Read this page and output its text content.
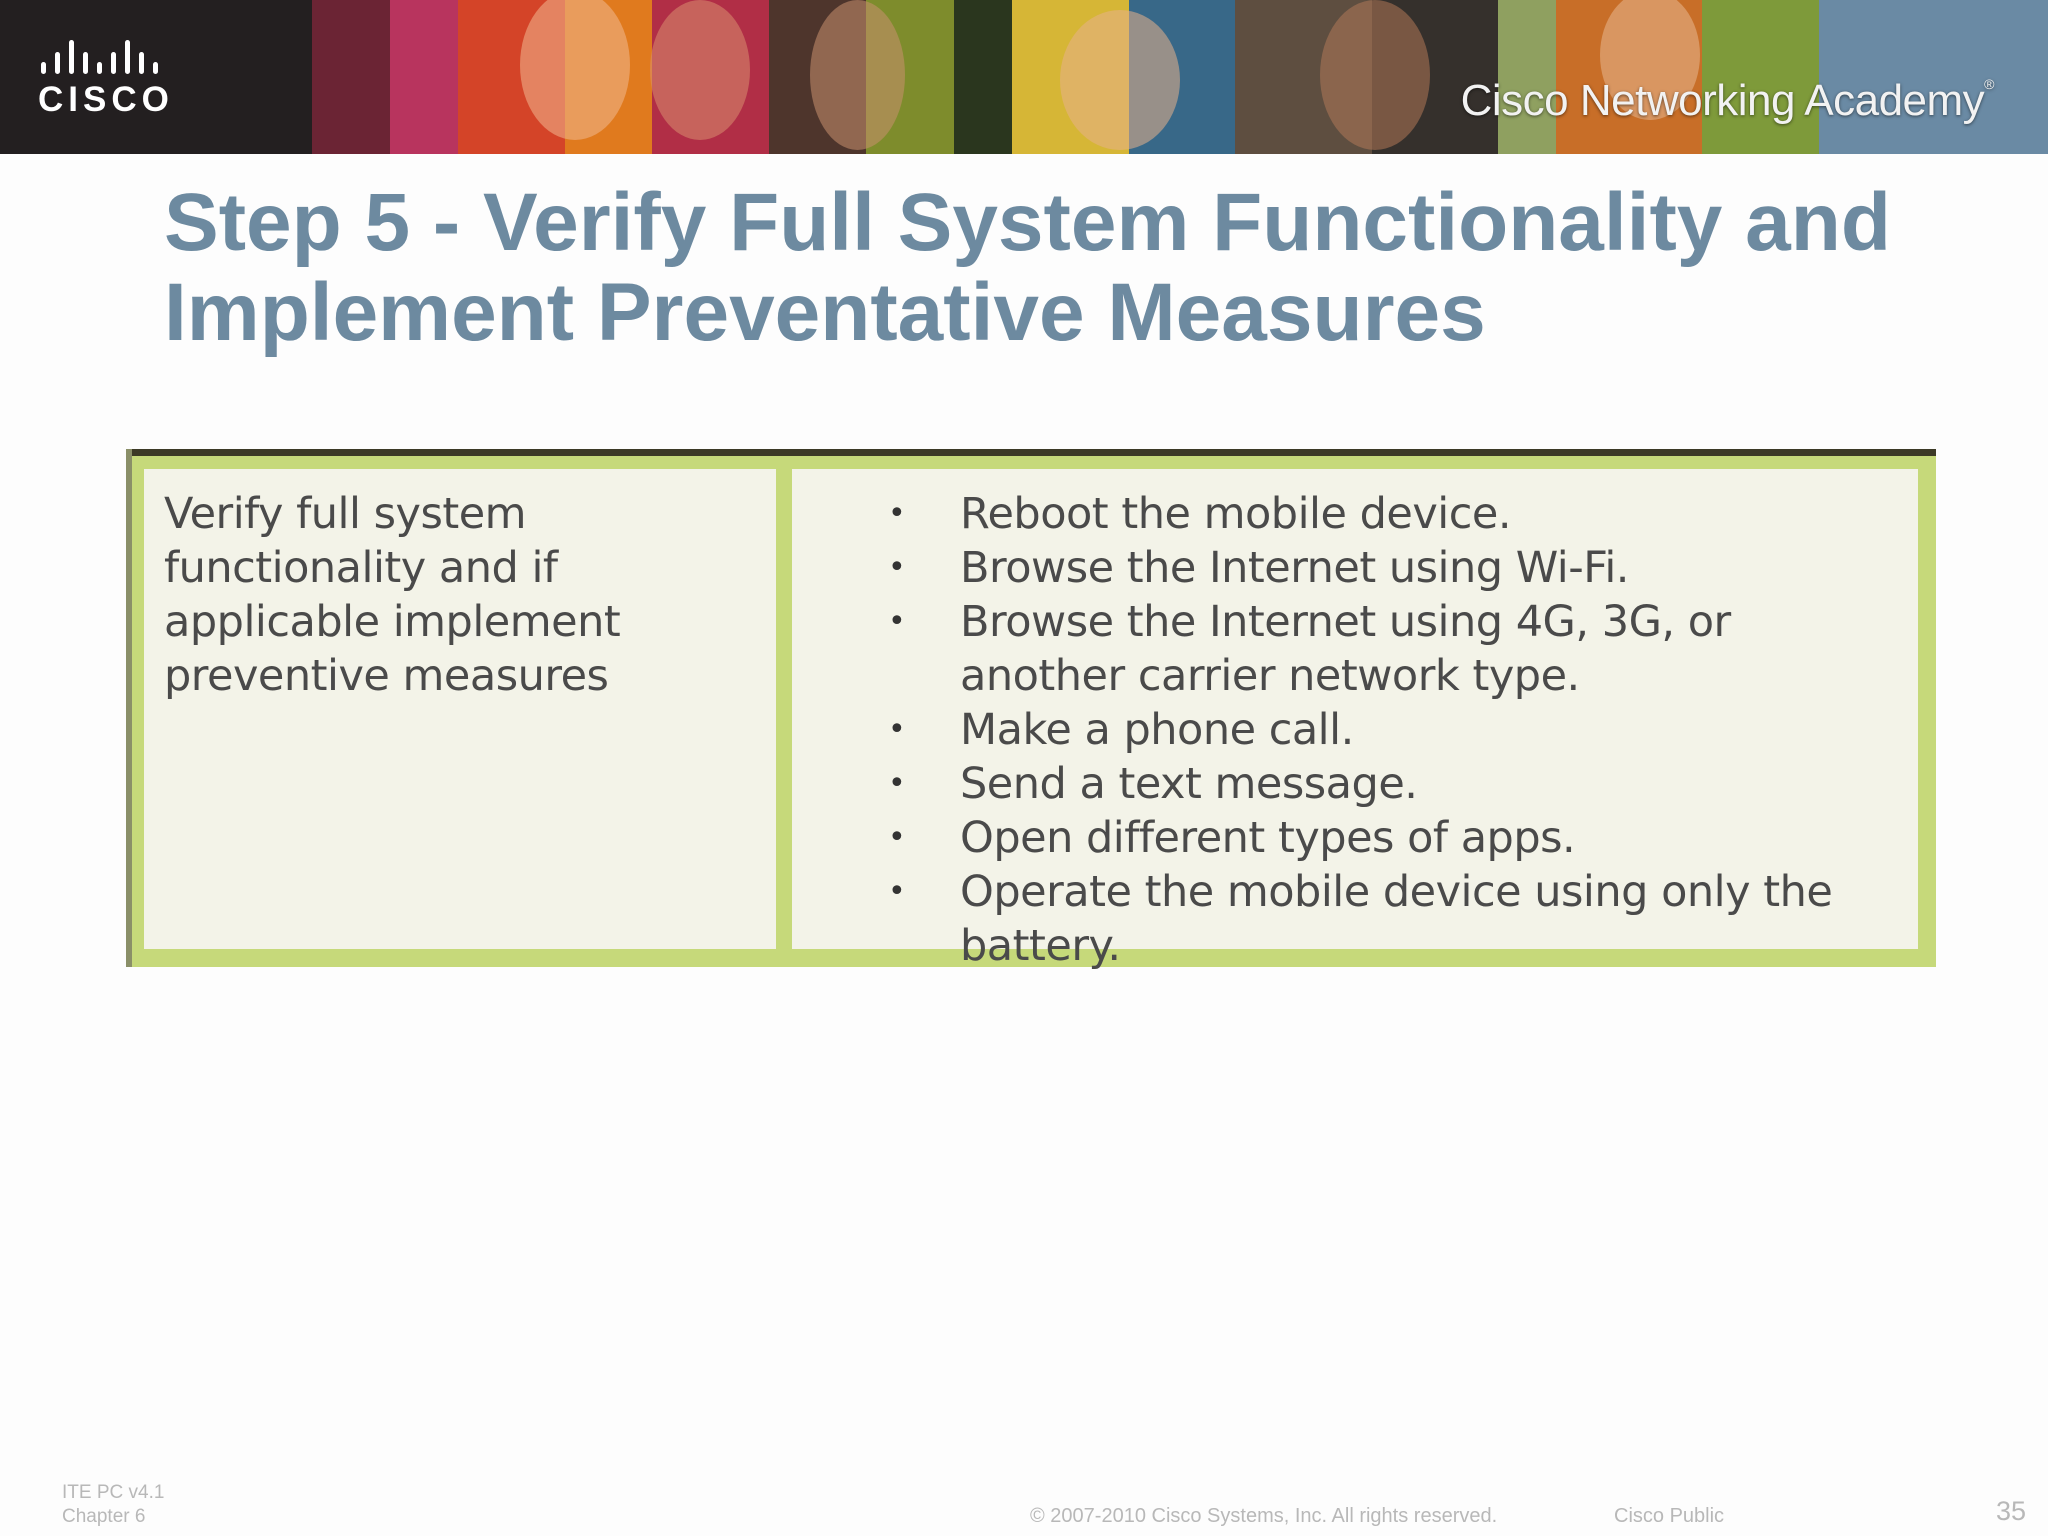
CISCO	Cisco Networking Academy®
Step 5 - Verify Full System Functionality and
Implement Preventative Measures
Verify full system functionality and if applicable implement preventive measures
• Reboot the mobile device.
• Browse the Internet using Wi-Fi.
• Browse the Internet using 4G, 3G, or another carrier network type.
• Make a phone call.
• Send a text message.
• Open different types of apps.
• Operate the mobile device using only the battery.
ITE PC v4.1
Chapter 6	© 2007-2010 Cisco Systems, Inc. All rights reserved.	Cisco Public	35
